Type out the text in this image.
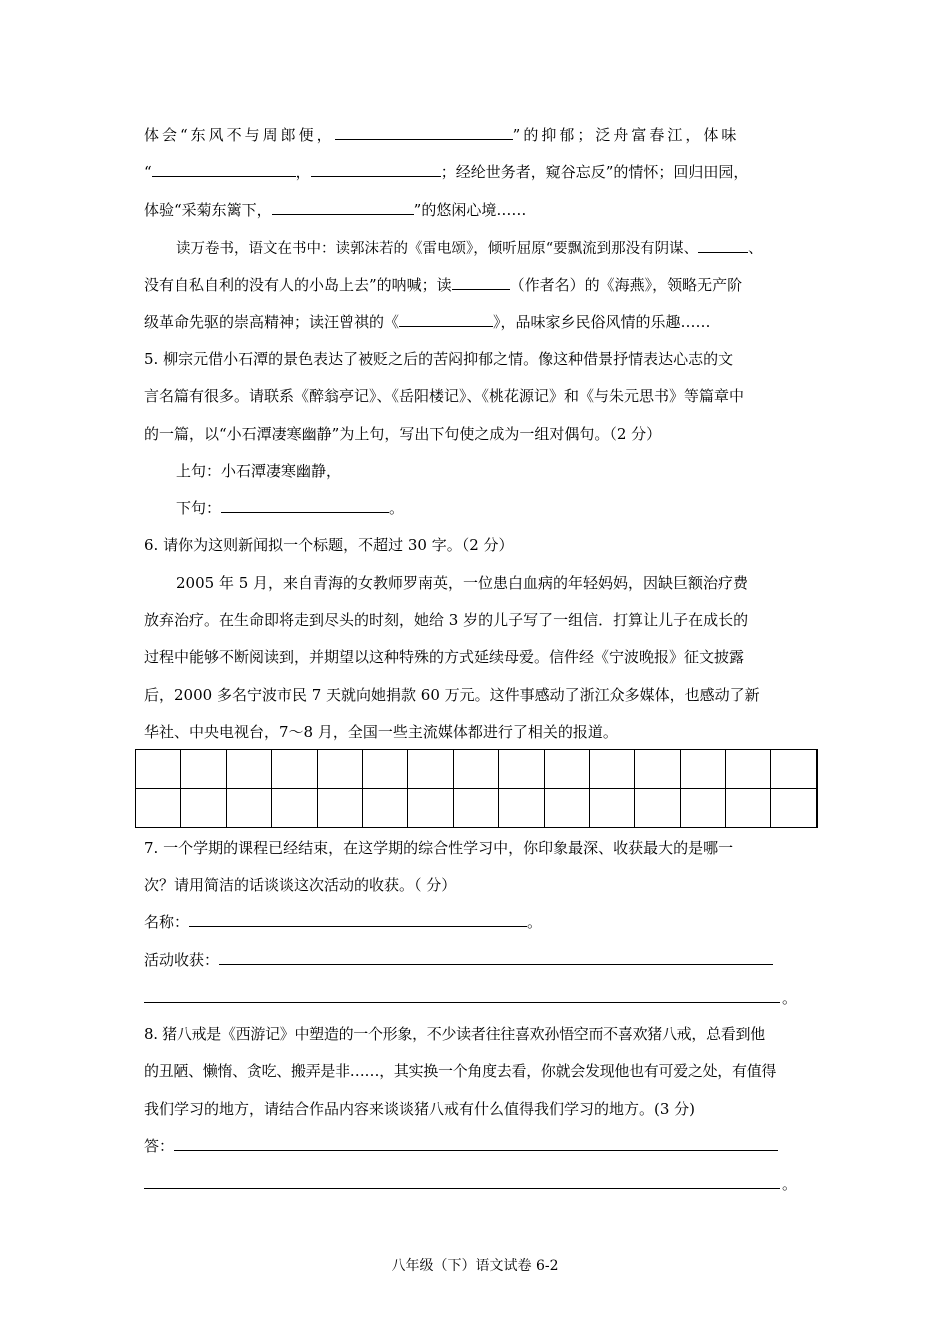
体会“东风不与周郎便，	”的抑郁；泛舟富春江，体味
“	，	；经纶世务者，窥谷忘反”的情怀；回归田园，
体验“采菊东篱下，	”的悠闲心境……
读万卷书，语文在书中：读郭沫若的《雷电颂》，倾听屈原“要飘流到那没有阴谋、	、
没有自私自利的没有人的小岛上去”的呐喊；读	（作者名）的《海燕》，领略无产阶
级革命先驱的崇高精神；读汪曾祺的《	》，品味家乡民俗风情的乐趣……
5. 柳宗元借小石潭的景色表达了被贬之后的苦闷抑郁之情。像这种借景抒情表达心志的文
言名篇有很多。请联系《醉翁亭记》、《岳阳楼记》、《桃花源记》和《与朱元思书》等篇章中
的一篇，以“小石潭凄寒幽静”为上句，写出下句使之成为一组对偶句。（2 分）
上句：小石潭凄寒幽静，
下句：	。
6. 请你为这则新闻拟一个标题，不超过 30 字。（2 分）
2005 年 5 月，来自青海的女教师罗南英，一位患白血病的年轻妈妈，因缺巨额治疗费
放弃治疗。在生命即将走到尽头的时刻，她给 3 岁的儿子写了一组信．打算让儿子在成长的
过程中能够不断阅读到，并期望以这种特殊的方式延续母爱。信件经《宁波晚报》征文披露
后，2000 多名宁波市民 7 天就向她捐款 60 万元。这件事感动了浙江众多媒体，也感动了新
华社、中央电视台，7～8 月，全国一些主流媒体都进行了相关的报道。

7. 一个学期的课程已经结束，在这学期的综合性学习中，你印象最深、收获最大的是哪一
次？请用简洁的话谈谈这次活动的收获。（ 分）
名称：	。
活动收获：
。
8. 猪八戒是《西游记》中塑造的一个形象，不少读者往往喜欢孙悟空而不喜欢猪八戒，总看到他
的丑陋、懒惰、贪吃、搬弄是非……，其实换一个角度去看，你就会发现他也有可爱之处，有值得
我们学习的地方，请结合作品内容来谈谈猪八戒有什么值得我们学习的地方。(3 分)
答：
。
八年级（下）语文试卷 6-2
